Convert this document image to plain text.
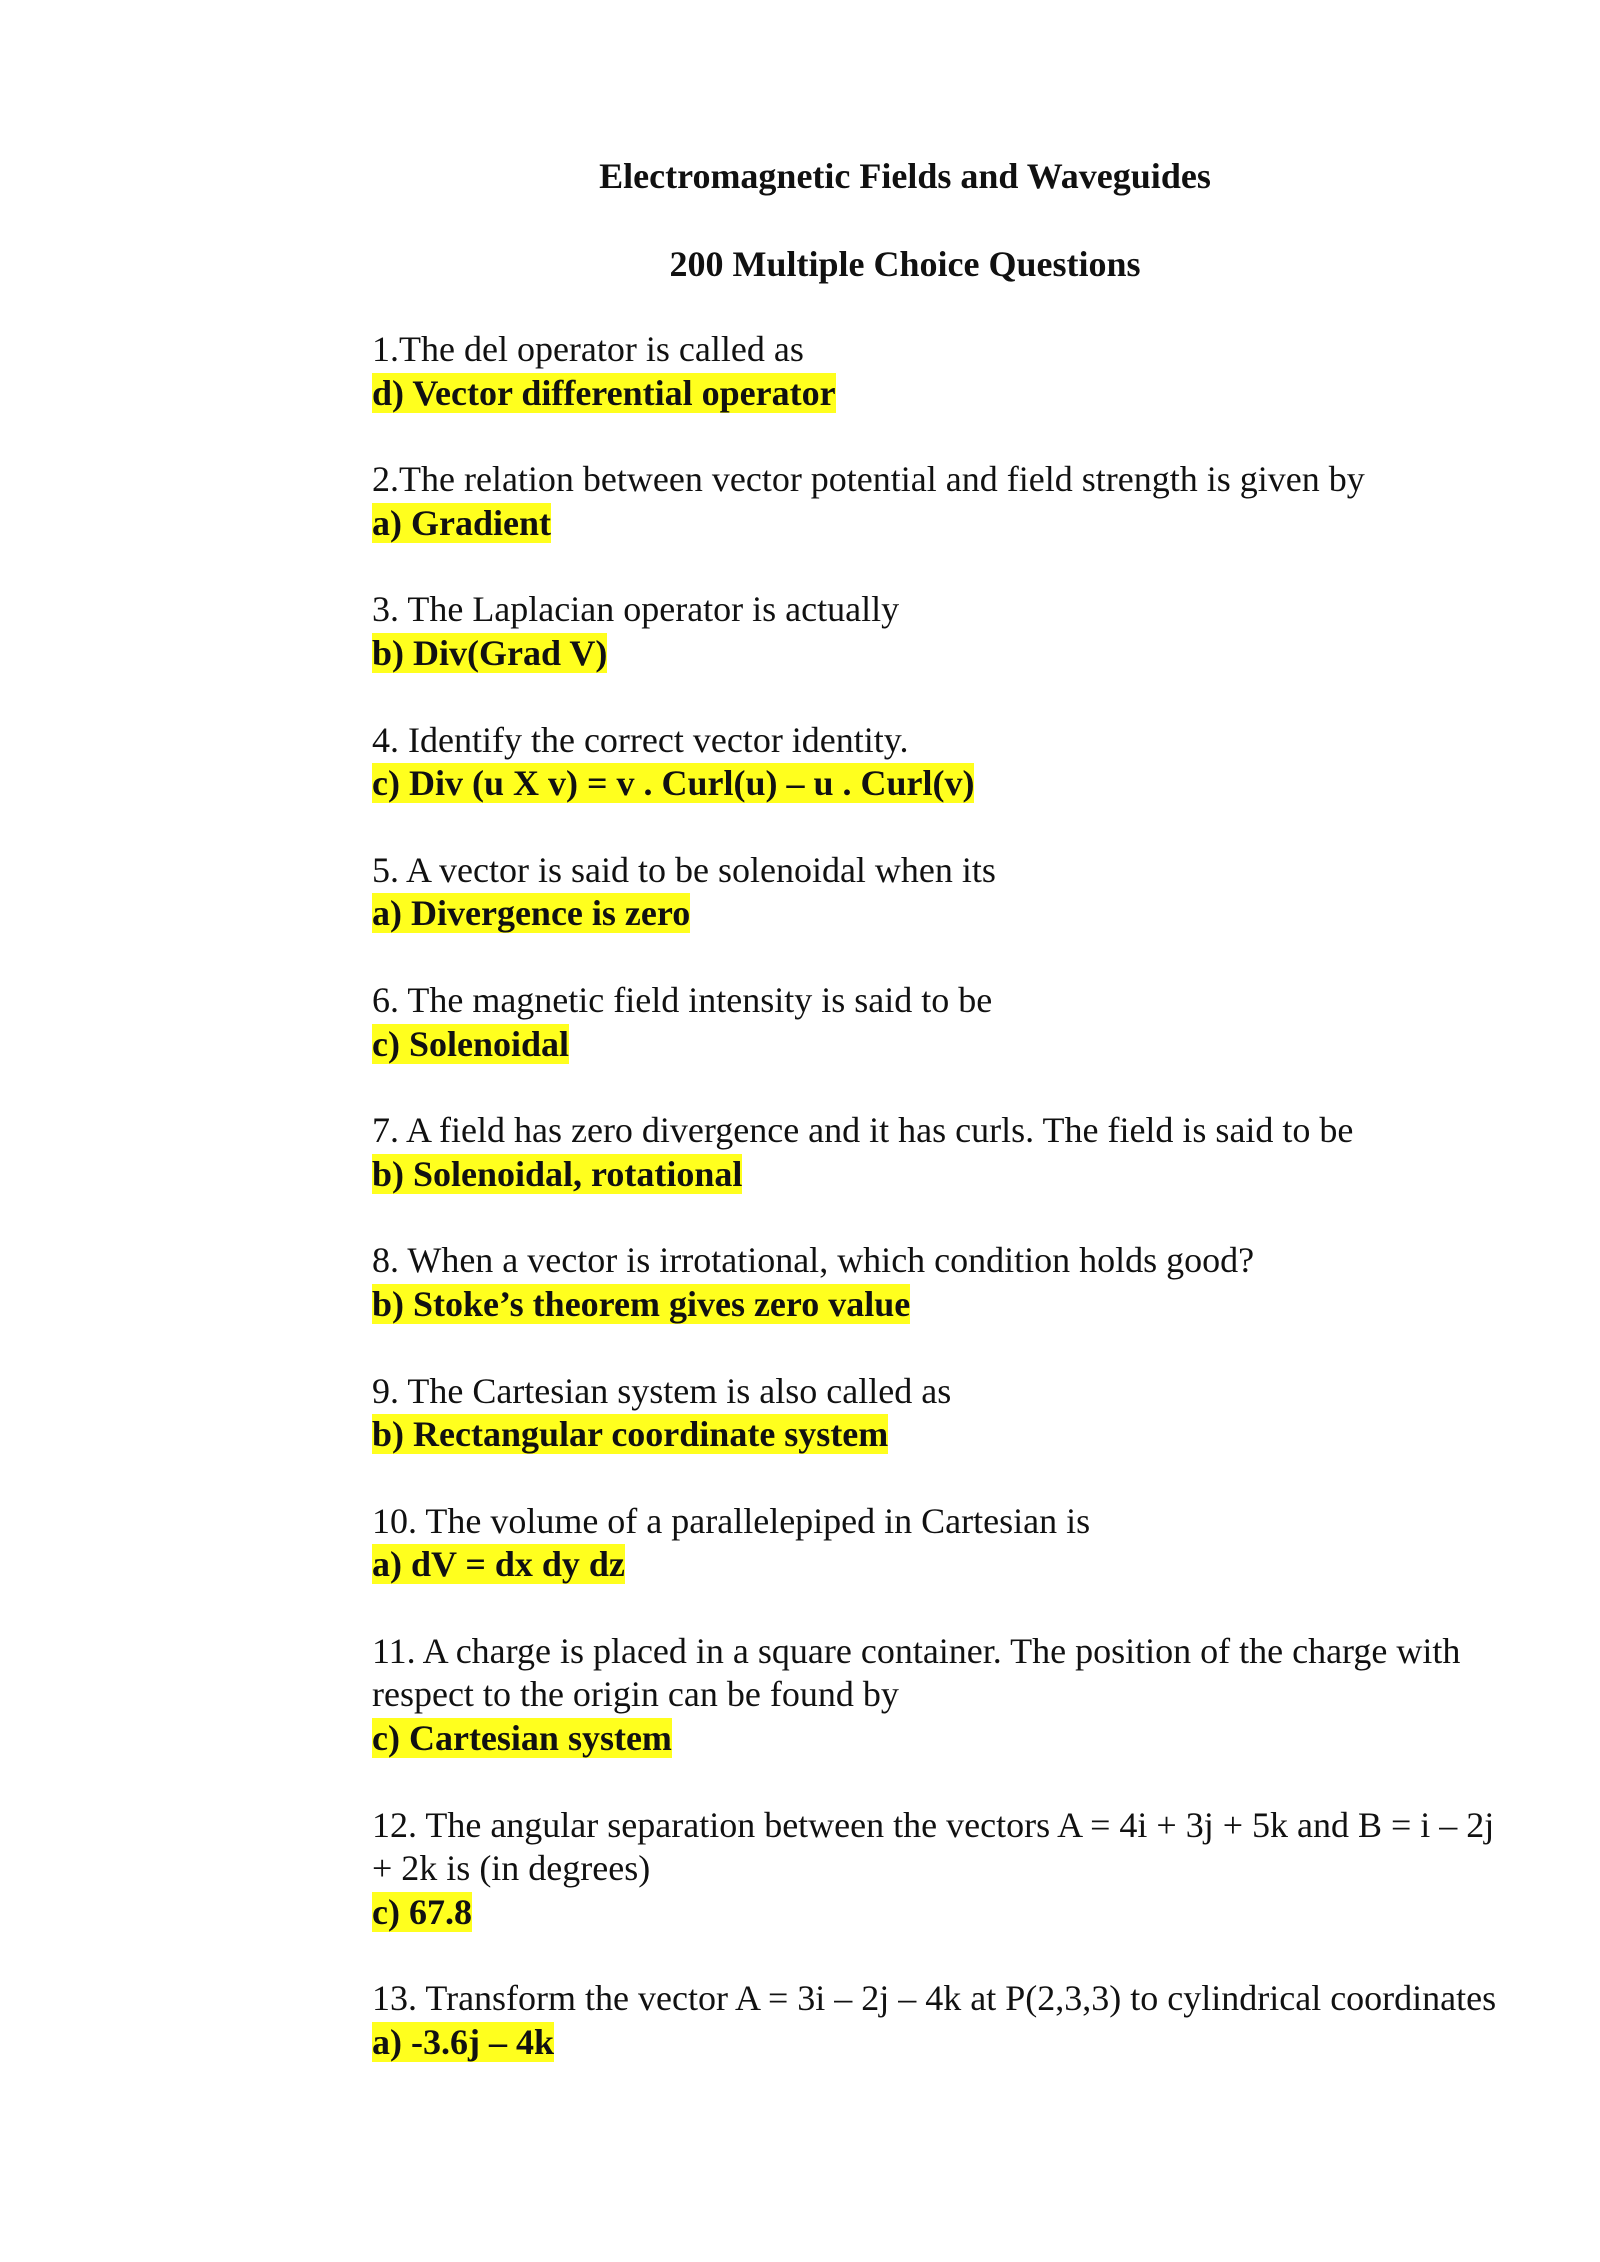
Electromagnetic Fields and Waveguides
200 Multiple Choice Questions

1.The del operator is called as

d) Vector differential operator

2.The relation between vector potential and field strength is given by

a) Gradient

3. The Laplacian operator is actually

b) Div(Grad V)

4. Identify the correct vector identity.

c) Div (u X v) = v . Curl(u) – u . Curl(v)

5. A vector is said to be solenoidal when its

a) Divergence is zero

6. The magnetic field intensity is said to be

c) Solenoidal

7. A field has zero divergence and it has curls. The field is said to be

b) Solenoidal, rotational

8. When a vector is irrotational, which condition holds good?

b) Stoke’s theorem gives zero value

9. The Cartesian system is also called as

b) Rectangular coordinate system

10. The volume of a parallelepiped in Cartesian is

a) dV = dx dy dz

11. A charge is placed in a square container. The position of the charge with respect to the origin can be found by

c) Cartesian system

12. The angular separation between the vectors A = 4i + 3j + 5k and B = i – 2j + 2k is (in degrees)

c) 67.8

13. Transform the vector A = 3i – 2j – 4k at P(2,3,3) to cylindrical coordinates

a) -3.6j – 4k
